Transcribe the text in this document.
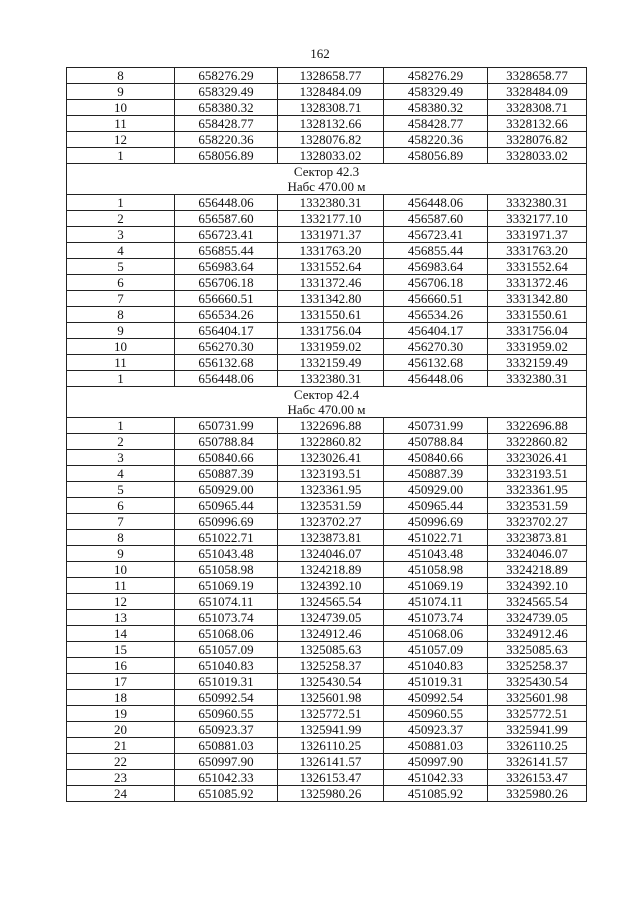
162
8	658276.29	1328658.77	458276.29	3328658.77
9	658329.49	1328484.09	458329.49	3328484.09
10	658380.32	1328308.71	458380.32	3328308.71
11	658428.77	1328132.66	458428.77	3328132.66
12	658220.36	1328076.82	458220.36	3328076.82
1	658056.89	1328033.02	458056.89	3328033.02

Сектор 42.3
Набс 470.00 м				

1	656448.06	1332380.31	456448.06	3332380.31
2	656587.60	1332177.10	456587.60	3332177.10
3	656723.41	1331971.37	456723.41	3331971.37
4	656855.44	1331763.20	456855.44	3331763.20
5	656983.64	1331552.64	456983.64	3331552.64
6	656706.18	1331372.46	456706.18	3331372.46
7	656660.51	1331342.80	456660.51	3331342.80
8	656534.26	1331550.61	456534.26	3331550.61
9	656404.17	1331756.04	456404.17	3331756.04
10	656270.30	1331959.02	456270.30	3331959.02
11	656132.68	1332159.49	456132.68	3332159.49
1	656448.06	1332380.31	456448.06	3332380.31

Сектор 42.4
Набс 470.00 м				

1	650731.99	1322696.88	450731.99	3322696.88
2	650788.84	1322860.82	450788.84	3322860.82
3	650840.66	1323026.41	450840.66	3323026.41
4	650887.39	1323193.51	450887.39	3323193.51
5	650929.00	1323361.95	450929.00	3323361.95
6	650965.44	1323531.59	450965.44	3323531.59
7	650996.69	1323702.27	450996.69	3323702.27
8	651022.71	1323873.81	451022.71	3323873.81
9	651043.48	1324046.07	451043.48	3324046.07
10	651058.98	1324218.89	451058.98	3324218.89
11	651069.19	1324392.10	451069.19	3324392.10
12	651074.11	1324565.54	451074.11	3324565.54
13	651073.74	1324739.05	451073.74	3324739.05
14	651068.06	1324912.46	451068.06	3324912.46
15	651057.09	1325085.63	451057.09	3325085.63
16	651040.83	1325258.37	451040.83	3325258.37
17	651019.31	1325430.54	451019.31	3325430.54
18	650992.54	1325601.98	450992.54	3325601.98
19	650960.55	1325772.51	450960.55	3325772.51
20	650923.37	1325941.99	450923.37	3325941.99
21	650881.03	1326110.25	450881.03	3326110.25
22	650997.90	1326141.57	450997.90	3326141.57
23	651042.33	1326153.47	451042.33	3326153.47
24	651085.92	1325980.26	451085.92	3325980.26
